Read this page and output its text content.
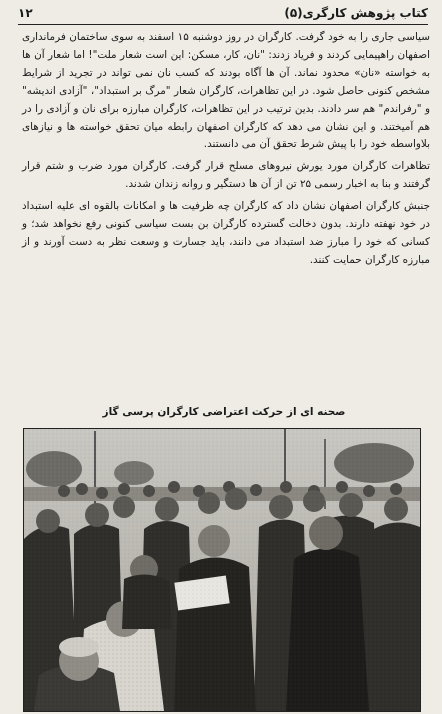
کتاب پژوهش کارگری(۵)
۱۲

سیاسی جاری را به خود گرفت. کارگران در روز دوشنبه ۱۵ اسفند به سوی ساختمان فرمانداری اصفهان راهپیمایی کردند و فریاد زدند: "نان، کار، مسکن: این است شعار ملت"! اما شعار آن ها به خواسته «نان» محدود نماند. آن ها آگاه بودند که کسب نان نمی تواند در تجرید از شرایط مشخص کنونی حاصل شود. در این تظاهرات، کارگران شعار "مرگ بر استبداد"، "آزادی اندیشه" و "رفراندم" هم سر دادند. بدین ترتیب در این تظاهرات، کارگران مبارزه برای نان و آزادی را در هم آمیختند. و این نشان می دهد که کارگران اصفهان رابطه میان تحقق خواسته ها و نیازهای بلاواسطه خود را با پیش شرط تحقق آن می دانستند.

تظاهرات کارگران مورد یورش نیروهای مسلح قرار گرفت. کارگران مورد ضرب و شتم قرار گرفتند و بنا به اخبار رسمی ۲۵ تن از آن ها دستگیر و روانه زندان شدند.

جنبش کارگران اصفهان نشان داد که کارگران چه ظرفیت ها و امکانات بالقوه ای علیه استبداد در خود نهفته دارند. بدون دخالت گسترده کارگران بن بست سیاسی کنونی رفع نخواهد شد؛ و کسانی که خود را مبارز ضد استبداد می دانند، باید جسارت و وسعت نظر به دست آورند و از مبارزه کارگران حمایت کنند.

صحنه ای از حرکت اعتراضی کارگران پرسی گاز
